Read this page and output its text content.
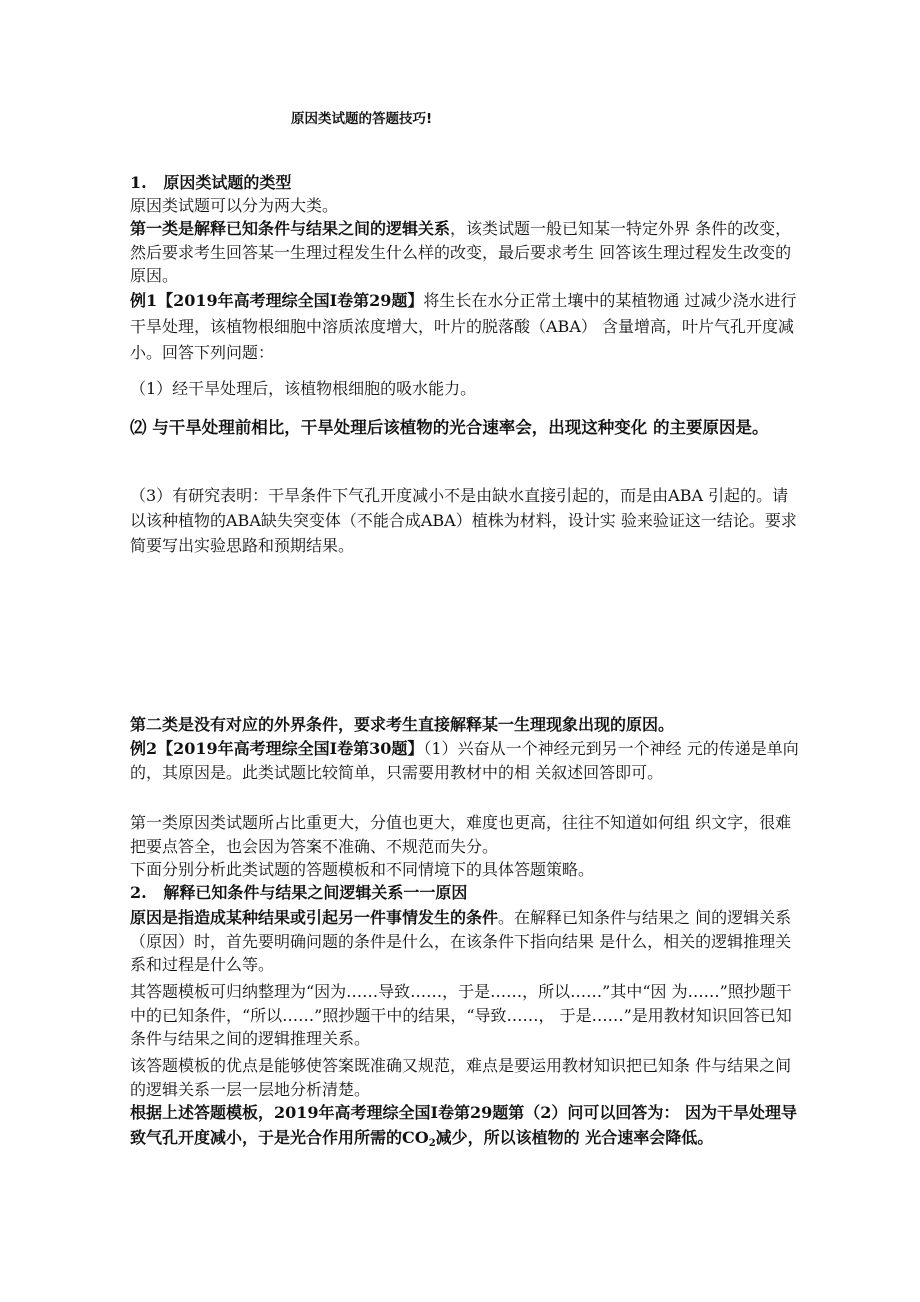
原因类试题的答题技巧!
1.   原因类试题的类型
原因类试题可以分为两大类。
第一类是解释已知条件与结果之间的逻辑关系，该类试题一般已知某一特定外界 条件的改变，然后要求考生回答某一生理过程发生什么样的改变，最后要求考生 回答该生理过程发生改变的原因。
例1【2019年高考理综全国I卷第29题】将生长在水分正常土壤中的某植物通 过减少浇水进行干旱处理，该植物根细胞中溶质浓度增大，叶片的脱落酸（ABA） 含量增高，叶片气孔开度减小。回答下列问题：
（1）经干旱处理后，该植物根细胞的吸水能力。
⑵ 与干旱处理前相比，干旱处理后该植物的光合速率会，出现这种变化 的主要原因是。
（3）有研究表明：干旱条件下气孔开度减小不是由缺水直接引起的，而是由ABA 引起的。请以该种植物的ABA缺失突变体（不能合成ABA）植株为材料，设计实 验来验证这一结论。要求简要写出实验思路和预期结果。
第二类是没有对应的外界条件，要求考生直接解释某一生理现象出现的原因。
例2【2019年高考理综全国I卷第30题】（1）兴奋从一个神经元到另一个神经 元的传递是单向的，其原因是。此类试题比较简单，只需要用教材中的相 关叙述回答即可。
第一类原因类试题所占比重更大，分值也更大，难度也更高，往往不知道如何组 织文字，很难把要点答全，也会因为答案不准确、不规范而失分。
下面分别分析此类试题的答题模板和不同情境下的具体答题策略。
2.   解释已知条件与结果之间逻辑关系一一原因
原因是指造成某种结果或引起另一件事情发生的条件。在解释已知条件与结果之 间的逻辑关系（原因）时，首先要明确问题的条件是什么，在该条件下指向结果 是什么，相关的逻辑推理关系和过程是什么等。
其答题模板可归纳整理为“因为……导致……，于是……，所以……”其中“因 为……”照抄题干中的已知条件，“所以……”照抄题干中的结果，“导致……， 于是……”是用教材知识回答已知条件与结果之间的逻辑推理关系。
该答题模板的优点是能够使答案既准确又规范，难点是要运用教材知识把已知条 件与结果之间的逻辑关系一层一层地分析清楚。
根据上述答题模板，2019年高考理综全国I卷第29题第（2）问可以回答为： 因为干旱处理导致气孔开度减小，于是光合作用所需的$CO_2$减少，所以该植物的 光合速率会降低。
